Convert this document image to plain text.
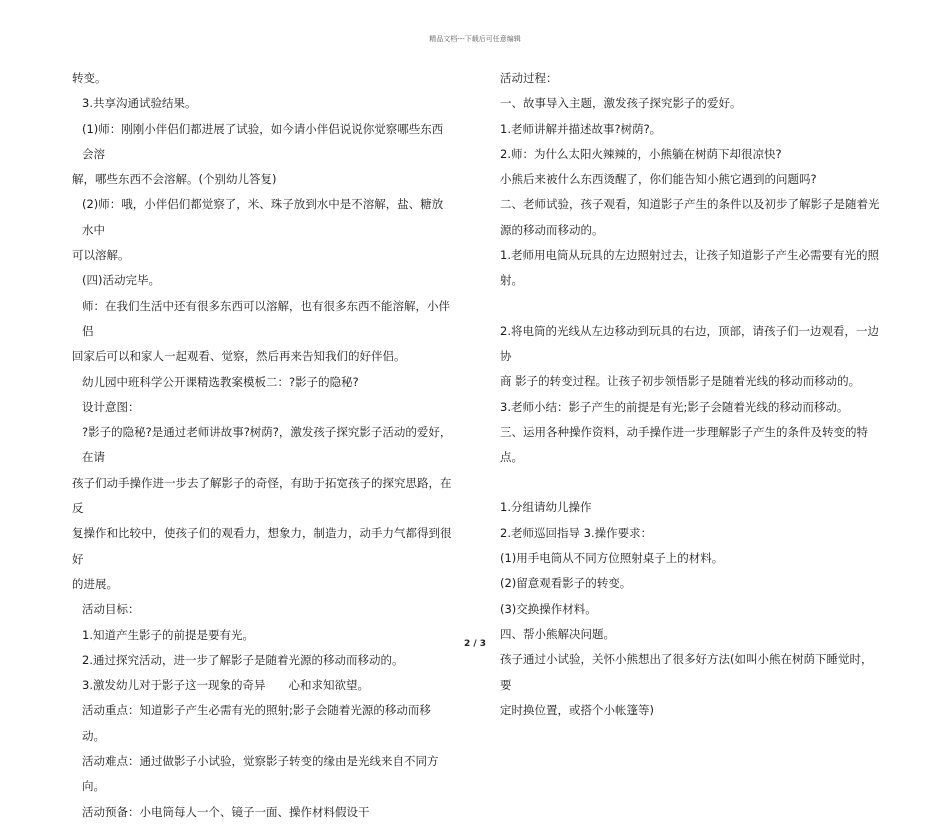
精品文档---下载后可任意编辑

转变。

3.共享沟通试验结果。

(1)师：刚刚小伴侣们都进展了试验，如今请小伴侣说说你觉察哪些东西会溶

解，哪些东西不会溶解。(个别幼儿答复)

(2)师：哦，小伴侣们都觉察了，米、珠子放到水中是不溶解，盐、糖放水中

可以溶解。

(四)活动完毕。

师：在我们生活中还有很多东西可以溶解，也有很多东西不能溶解，小伴侣

回家后可以和家人一起观看、觉察，然后再来告知我们的好伴侣。

幼儿园中班科学公开课精选教案模板二：?影子的隐秘?

设计意图：

?影子的隐秘?是通过老师讲故事?树荫?，激发孩子探究影子活动的爱好，在请

孩子们动手操作进一步去了解影子的奇怪，有助于拓宽孩子的探究思路，在反

复操作和比较中，使孩子们的观看力，想象力，制造力，动手力气都得到很好

的进展。

活动目标：

1.知道产生影子的前提是要有光。

2.通过探究活动，进一步了解影子是随着光源的移动而移动的。

3.激发幼儿对于影子这一现象的奇异　　心和求知欲望。

活动重点：知道影子产生必需有光的照射;影子会随着光源的移动而移动。

活动难点：通过做影子小试验，觉察影子转变的缘由是光线来自不同方向。

活动预备：小电筒每人一个、镜子一面、操作材料假设干

活动过程：

一、故事导入主题，激发孩子探究影子的爱好。

1.老师讲解并描述故事?树荫?。

2.师：为什么太阳火辣辣的，小熊躺在树荫下却很凉快?

小熊后来被什么东西烫醒了，你们能告知小熊它遇到的问题吗?

二、老师试验，孩子观看，知道影子产生的条件以及初步了解影子是随着光

源的移动而移动的。

1.老师用电筒从玩具的左边照射过去，让孩子知道影子产生必需要有光的照射。

2.将电筒的光线从左边移动到玩具的右边，顶部，请孩子们一边观看，一边协

商 影子的转变过程。让孩子初步领悟影子是随着光线的移动而移动的。

3.老师小结：影子产生的前提是有光;影子会随着光线的移动而移动。

三、运用各种操作资料，动手操作进一步理解影子产生的条件及转变的特点。

1.分组请幼儿操作

2.老师巡回指导 3.操作要求：

(1)用手电筒从不同方位照射桌子上的材料。

(2)留意观看影子的转变。

(3)交换操作材料。

四、帮小熊解决问题。

孩子通过小试验，关怀小熊想出了很多好方法(如叫小熊在树荫下睡觉时，要

定时换位置，或搭个小帐篷等)

2 / 3
